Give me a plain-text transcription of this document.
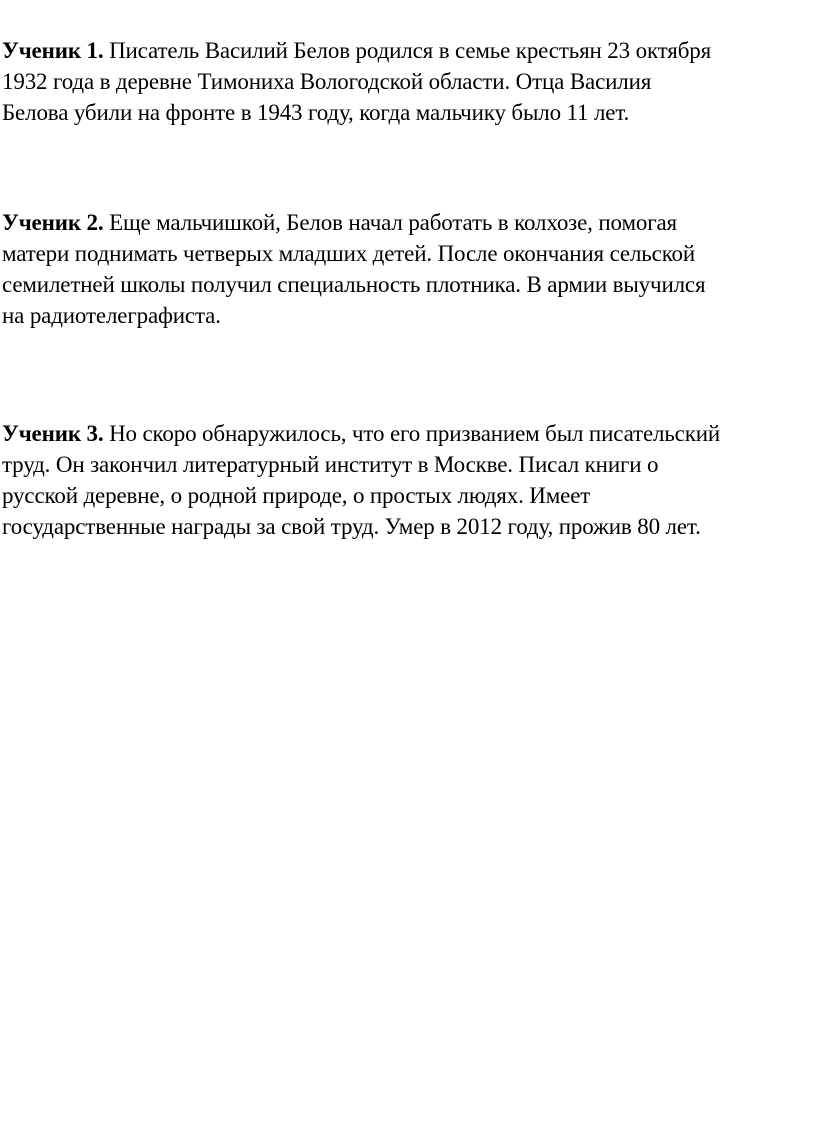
Ученик 1. Писатель Василий Белов родился в семье крестьян 23 октября
1932 года в деревне Тимониха Вологодской области. Отца Василия
Белова убили на фронте в 1943 году, когда мальчику было 11 лет.

Ученик 2. Еще мальчишкой, Белов начал работать в колхозе, помогая
матери поднимать четверых младших детей. После окончания сельской
семилетней школы получил специальность плотника. В армии выучился
на радиотелеграфиста.

Ученик 3. Но скоро обнаружилось, что его призванием был писательский
труд. Он закончил литературный институт в Москве. Писал книги о
русской деревне, о родной природе, о простых людях. Имеет
государственные награды за свой труд. Умер в 2012 году, прожив 80 лет.
